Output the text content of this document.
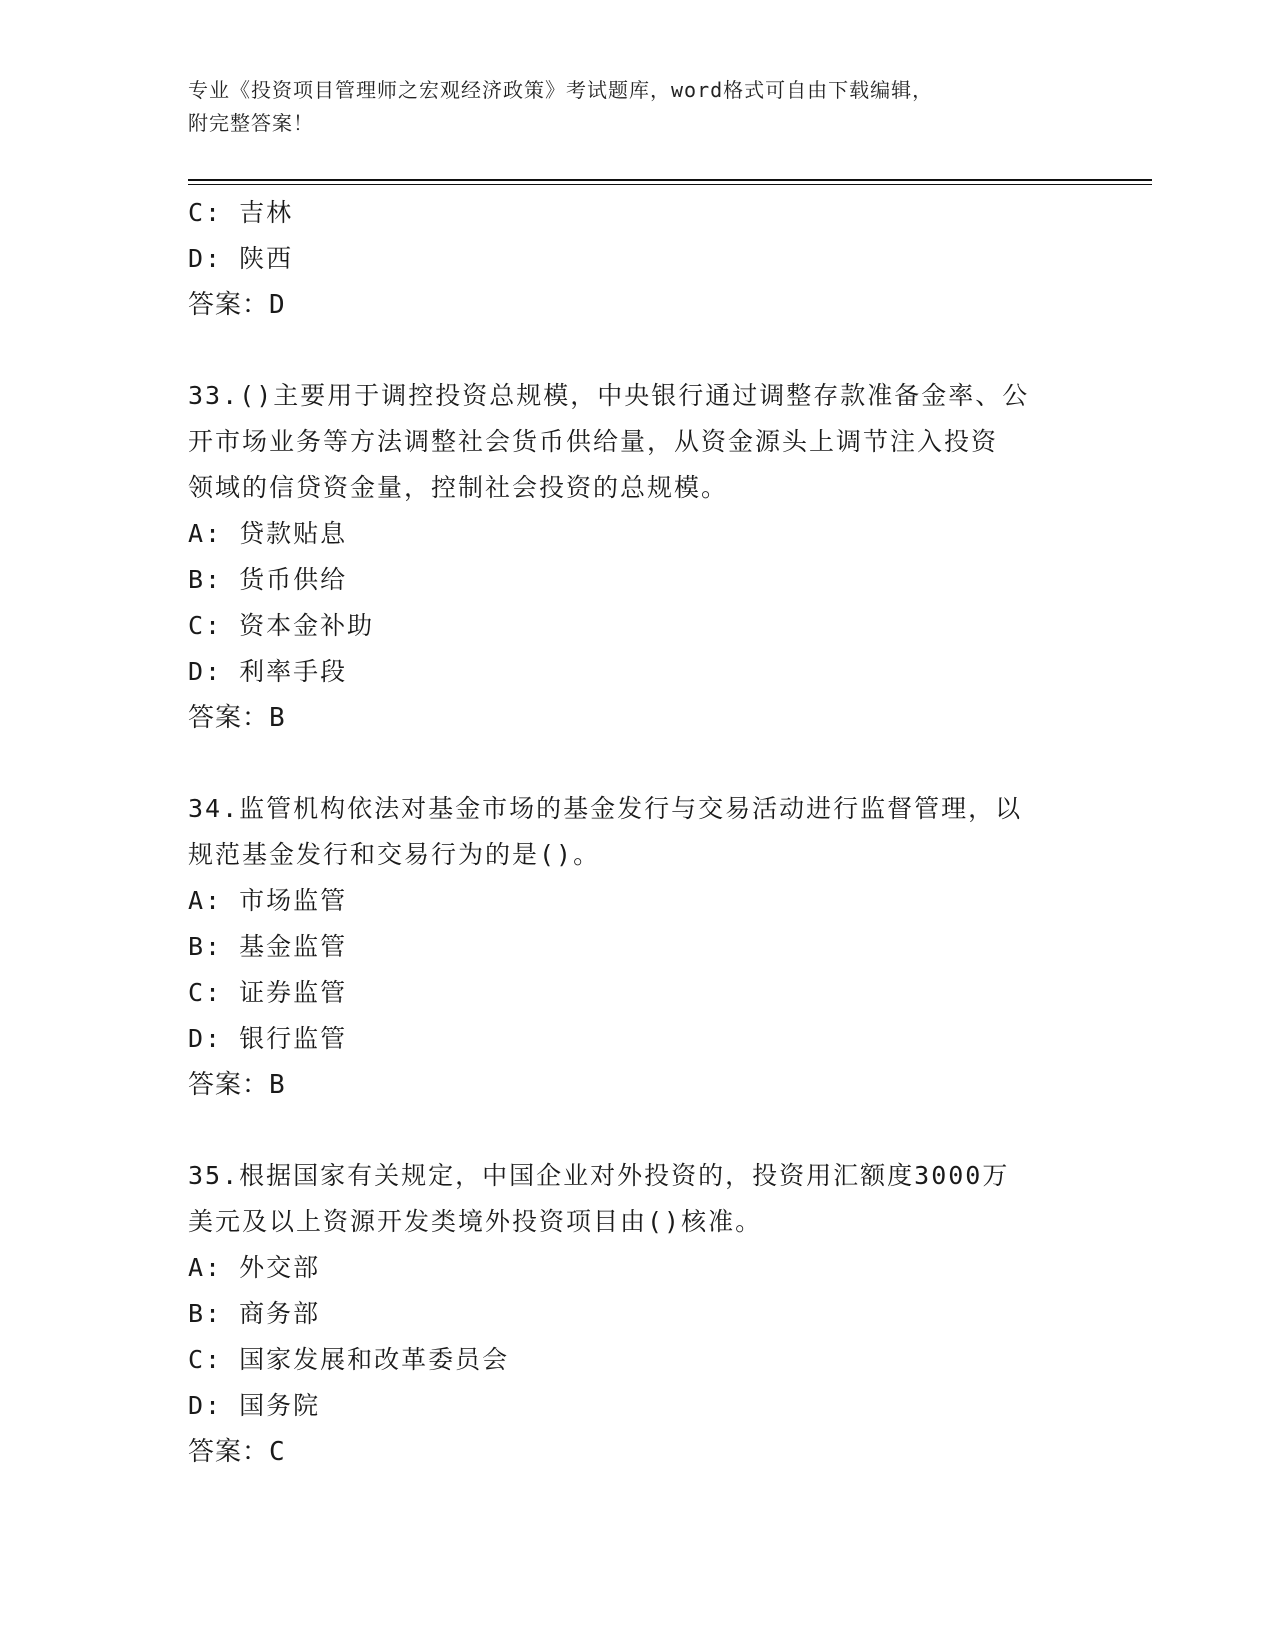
专业《投资项目管理师之宏观经济政策》考试题库，word格式可自由下载编辑，
附完整答案！
C: 吉林
D: 陕西
答案：D
33.()主要用于调控投资总规模，中央银行通过调整存款准备金率、公
开市场业务等方法调整社会货币供给量，从资金源头上调节注入投资
领域的信贷资金量，控制社会投资的总规模。
A: 贷款贴息
B: 货币供给
C: 资本金补助
D: 利率手段
答案：B
34.监管机构依法对基金市场的基金发行与交易活动进行监督管理，以
规范基金发行和交易行为的是()。
A: 市场监管
B: 基金监管
C: 证券监管
D: 银行监管
答案：B
35.根据国家有关规定，中国企业对外投资的，投资用汇额度3000万
美元及以上资源开发类境外投资项目由()核准。
A: 外交部
B: 商务部
C: 国家发展和改革委员会
D: 国务院
答案：C
